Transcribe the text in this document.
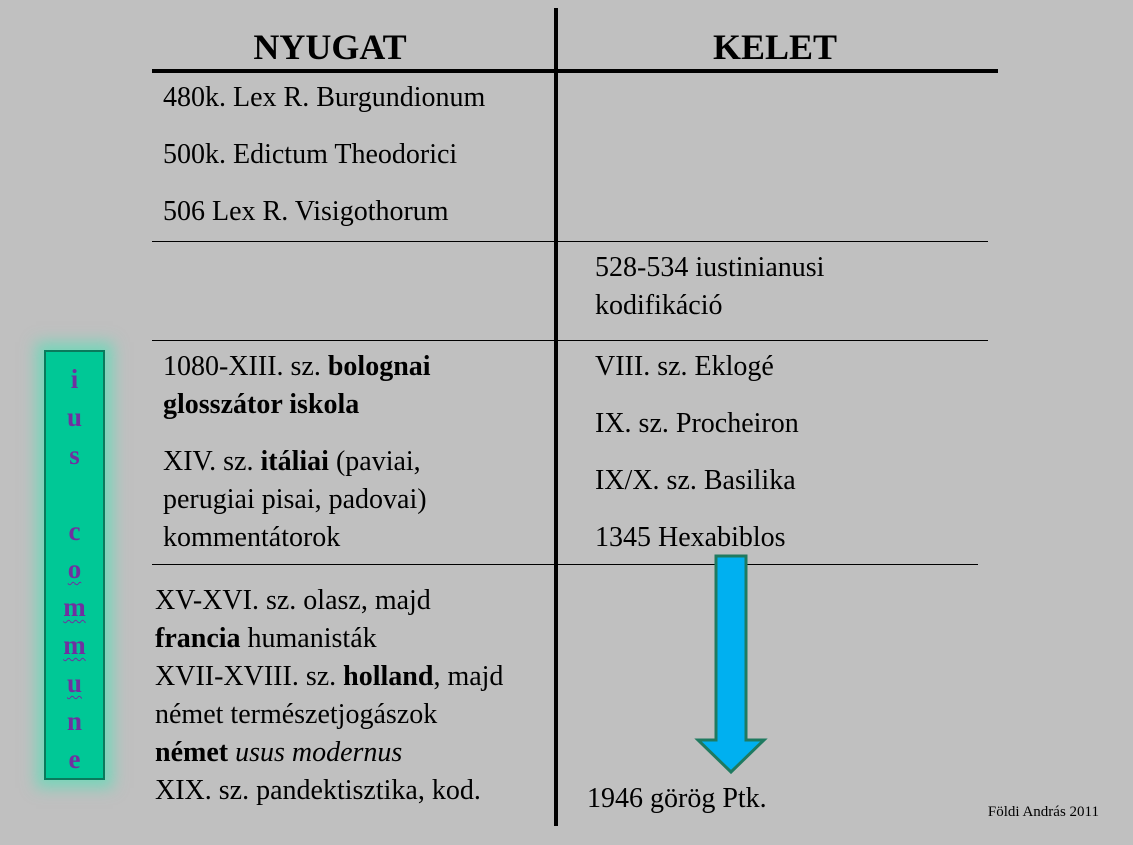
NYUGAT	KELET
480k. Lex R. Burgundionum
500k. Edictum Theodorici
506 Lex R. Visigothorum
528-534 iustinianusi
kodifikáció
1080-XIII. sz. bolognai
glosszátor iskola
XIV. sz. itáliai (paviai,
perugiai pisai, padovai)
kommentátorok
VIII. sz. Eklogé
IX. sz. Procheiron
IX/X. sz. Basilika
1345 Hexabiblos
XV-XVI. sz. olasz, majd
francia humanisták
XVII-XVIII. sz. holland, majd
német természetjogászok
német usus modernus
XIX. sz. pandektisztika, kod.	1946 görög Ptk.
i
u
s
c
o
m
m
u
n
e
Földi András 2011
